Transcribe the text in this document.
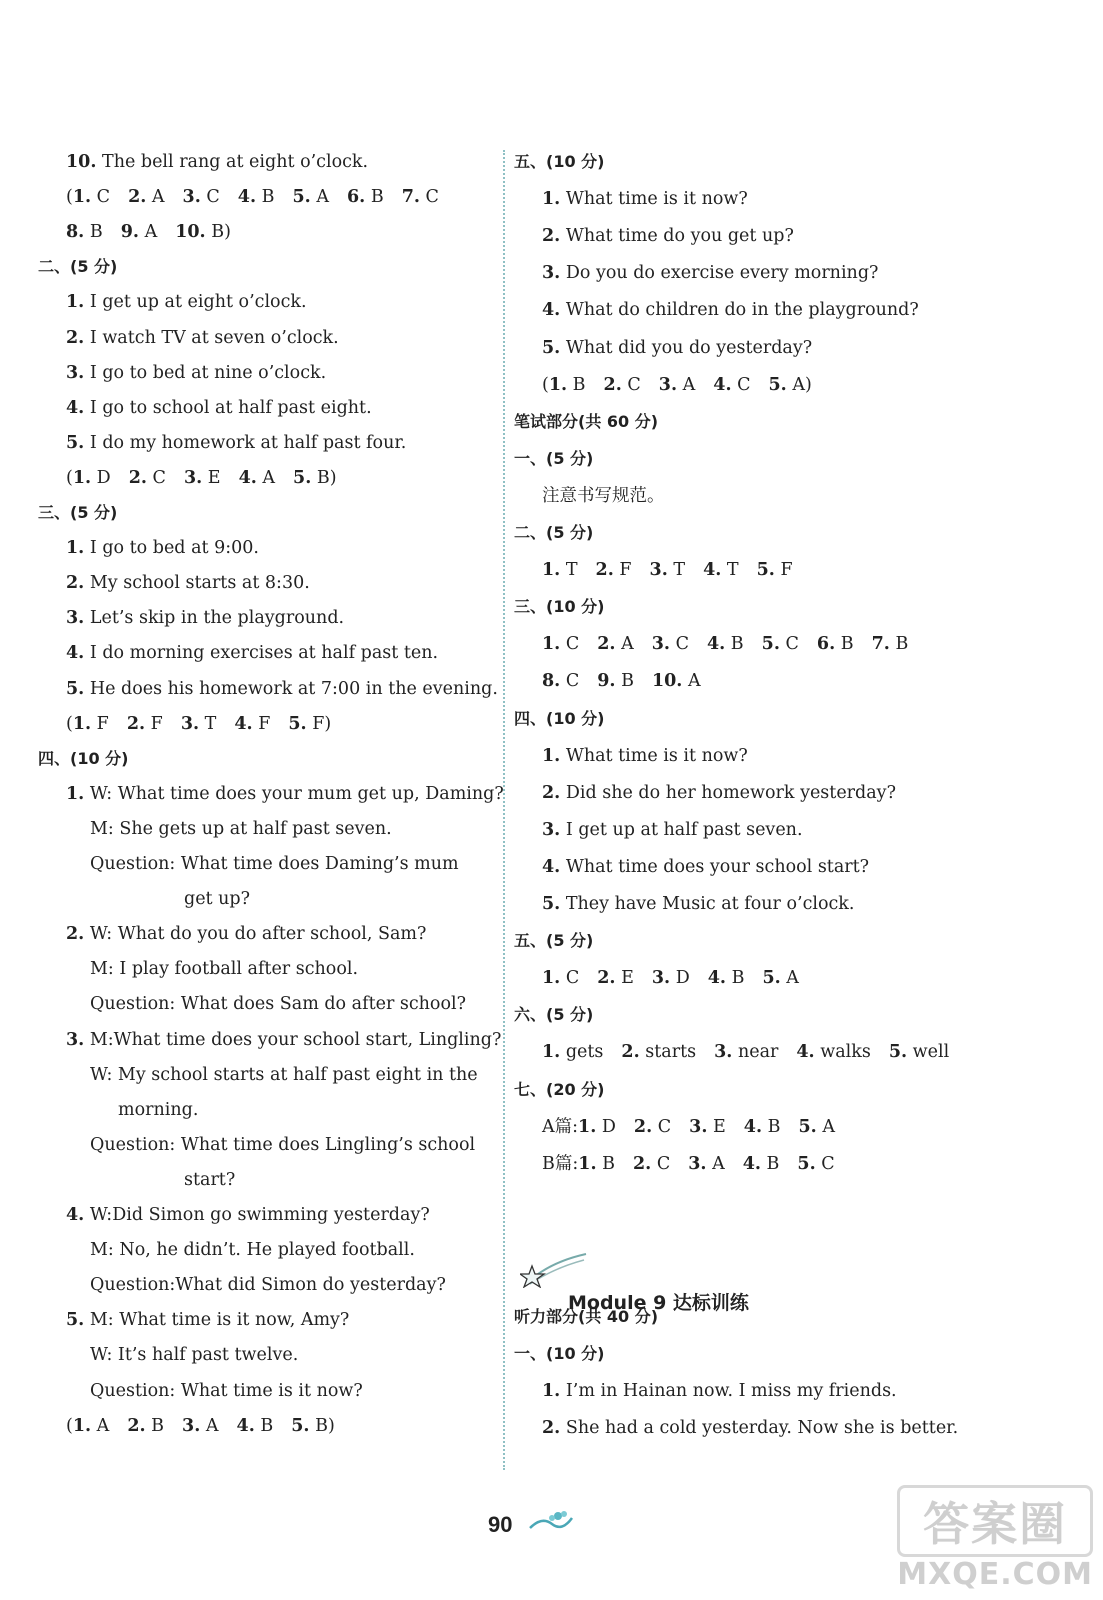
10. The bell rang at eight o’clock.
(1. C 2. A 3. C 4. B 5. A 6. B 7. C
8. B 9. A 10. B)
二、(5 分)
1. I get up at eight o’clock.
2. I watch TV at seven o’clock.
3. I go to bed at nine o’clock.
4. I go to school at half past eight.
5. I do my homework at half past four.
(1. D 2. C 3. E 4. A 5. B)
三、(5 分)
1. I go to bed at 9:00.
2. My school starts at 8:30.
3. Let’s skip in the playground.
4. I do morning exercises at half past ten.
5. He does his homework at 7:00 in the evening.
(1. F 2. F 3. T 4. F 5. F)
四、(10 分)
1. W: What time does your mum get up, Daming?
M: She gets up at half past seven.
Question: What time does Daming’s mum
get up?
2. W: What do you do after school, Sam?
M: I play football after school.
Question: What does Sam do after school?
3. M:What time does your school start, Lingling?
W: My school starts at half past eight in the
morning.
Question: What time does Lingling’s school
start?
4. W:Did Simon go swimming yesterday?
M: No, he didn’t. He played football.
Question:What did Simon do yesterday?
5. M: What time is it now, Amy?
W: It’s half past twelve.
Question: What time is it now?
(1. A 2. B 3. A 4. B 5. B)
五、(10 分)
1. What time is it now?
2. What time do you get up?
3. Do you do exercise every morning?
4. What do children do in the playground?
5. What did you do yesterday?
(1. B 2. C 3. A 4. C 5. A)
笔试部分(共 60 分)
一、(5 分)
注意书写规范。
二、(5 分)
1. T 2. F 3. T 4. T 5. F
三、(10 分)
1. C 2. A 3. C 4. B 5. C 6. B 7. B
8. C 9. B 10. A
四、(10 分)
1. What time is it now?
2. Did she do her homework yesterday?
3. I get up at half past seven.
4. What time does your school start?
5. They have Music at four o’clock.
五、(5 分)
1. C 2. E 3. D 4. B 5. A
六、(5 分)
1. gets 2. starts 3. near 4. walks 5. well
七、(20 分)
A篇:1. D 2. C 3. E 4. B 5. A
B篇:1. B 2. C 3. A 4. B 5. C
听力部分(共 40 分)
一、(10 分)
1. I’m in Hainan now. I miss my friends.
2. She had a cold yesterday. Now she is better.
Module 9 达标训练
90	答案圈
MXQE.COM
